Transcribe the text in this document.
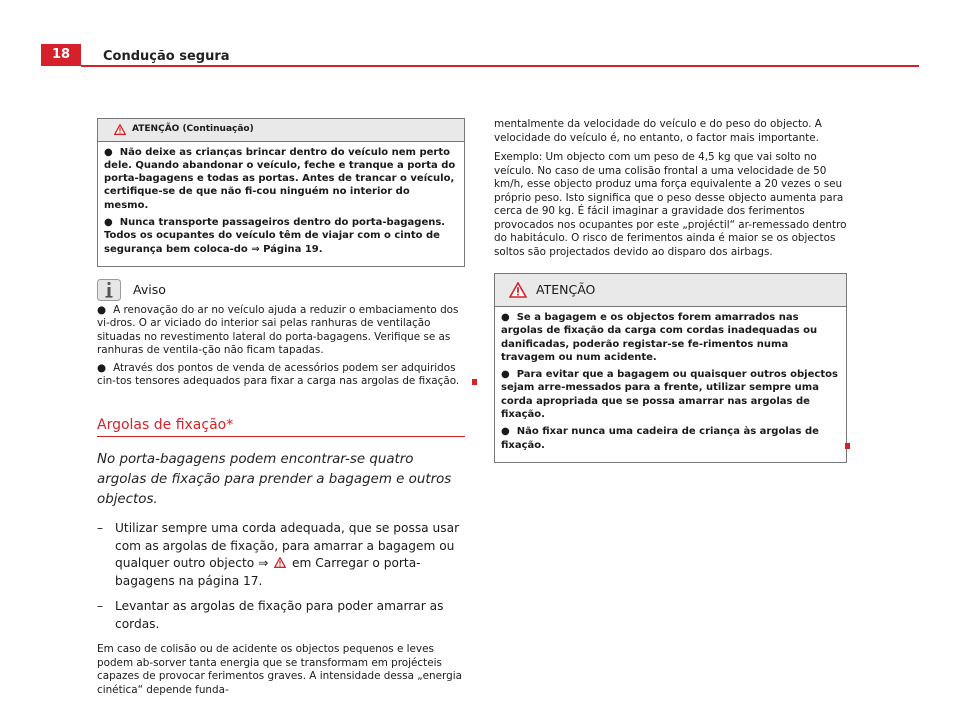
18	Condução segura
ATENÇÃO (Continuação)

● Não deixe as crianças brincar dentro do veículo nem perto dele. Quando abandonar o veículo, feche e tranque a porta do porta-bagagens e todas as portas. Antes de trancar o veículo, certifique-se de que não fi-cou ninguém no interior do mesmo.

● Nunca transporte passageiros dentro do porta-bagagens. Todos os ocupantes do veículo têm de viajar com o cinto de segurança bem coloca-do ⇒ Página 19.

Aviso

● A renovação do ar no veículo ajuda a reduzir o embaciamento dos vi-dros. O ar viciado do interior sai pelas ranhuras de ventilação situadas no revestimento lateral do porta-bagagens. Verifique se as ranhuras de ventila-ção não ficam tapadas.

● Através dos pontos de venda de acessórios podem ser adquiridos cin-tos tensores adequados para fixar a carga nas argolas de fixação.

Argolas de fixação*
No porta-bagagens podem encontrar-se quatro argolas de fixação para prender a bagagem e outros objectos.
– Utilizar sempre uma corda adequada, que se possa usar com as argolas de fixação, para amarrar a bagagem ou qualquer outro objecto ⇒ em Carregar o porta-bagagens na página 17.
– Levantar as argolas de fixação para poder amarrar as cordas.

Em caso de colisão ou de acidente os objectos pequenos e leves podem ab-sorver tanta energia que se transformam em projécteis capazes de provocar ferimentos graves. A intensidade dessa „energia cinética“ depende funda-

mentalmente da velocidade do veículo e do peso do objecto. A velocidade do veículo é, no entanto, o factor mais importante.

Exemplo: Um objecto com um peso de 4,5 kg que vai solto no veículo. No caso de uma colisão frontal a uma velocidade de 50 km/h, esse objecto produz uma força equivalente a 20 vezes o seu próprio peso. Isto significa que o peso desse objecto aumenta para cerca de 90 kg. É fácil imaginar a gravidade dos ferimentos provocados nos ocupantes por este „projéctil“ ar-remessado dentro do habitáculo. O risco de ferimentos ainda é maior se os objectos soltos são projectados devido ao disparo dos airbags.

ATENÇÃO

● Se a bagagem e os objectos forem amarrados nas argolas de fixação da carga com cordas inadequadas ou danificadas, poderão registar-se fe-rimentos numa travagem ou num acidente.

● Para evitar que a bagagem ou quaisquer outros objectos sejam arre-messados para a frente, utilizar sempre uma corda apropriada que se possa amarrar nas argolas de fixação.

● Não fixar nunca uma cadeira de criança às argolas de fixação.
